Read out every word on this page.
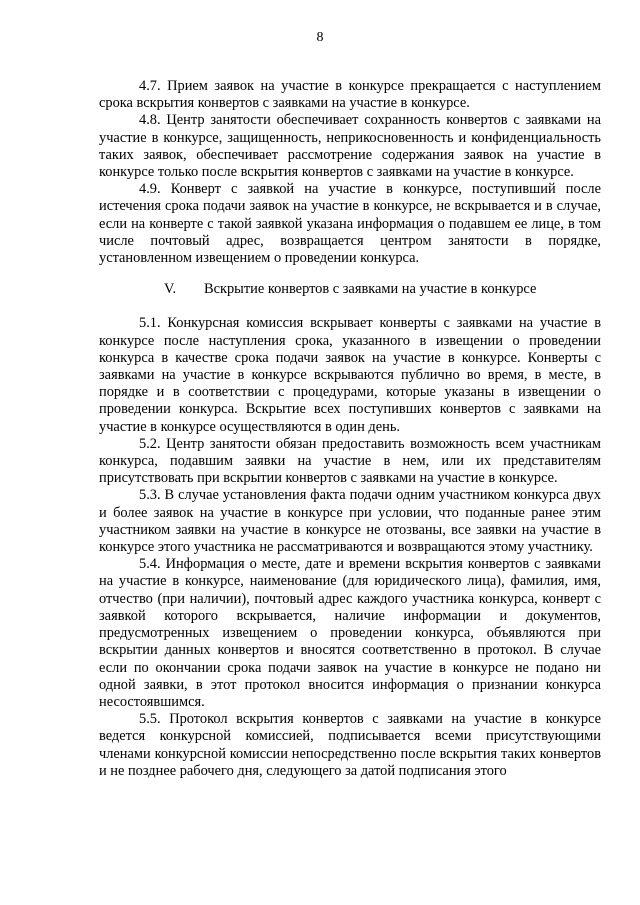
8

4.7. Прием заявок на участие в конкурсе прекращается с наступлением срока вскрытия конвертов с заявками на участие в конкурсе.

4.8. Центр занятости обеспечивает сохранность конвертов с заявками на участие в конкурсе, защищенность, неприкосновенность и конфиденциальность таких заявок, обеспечивает рассмотрение содержания заявок на участие в конкурсе только после вскрытия конвертов с заявками на участие в конкурсе.

4.9. Конверт с заявкой на участие в конкурсе, поступивший после истечения срока подачи заявок на участие в конкурсе, не вскрывается и в случае, если на конверте с такой заявкой указана информация о подавшем ее лице, в том числе почтовый адрес, возвращается центром занятости в порядке, установленном извещением о проведении конкурса.

V. Вскрытие конвертов с заявками на участие в конкурсе

5.1. Конкурсная комиссия вскрывает конверты с заявками на участие в конкурсе после наступления срока, указанного в извещении о проведении конкурса в качестве срока подачи заявок на участие в конкурсе. Конверты с заявками на участие в конкурсе вскрываются публично во время, в месте, в порядке и в соответствии с процедурами, которые указаны в извещении о проведении конкурса. Вскрытие всех поступивших конвертов с заявками на участие в конкурсе осуществляются в один день.

5.2. Центр занятости обязан предоставить возможность всем участникам конкурса, подавшим заявки на участие в нем, или их представителям присутствовать при вскрытии конвертов с заявками на участие в конкурсе.

5.3. В случае установления факта подачи одним участником конкурса двух и более заявок на участие в конкурсе при условии, что поданные ранее этим участником заявки на участие в конкурсе не отозваны, все заявки на участие в конкурсе этого участника не рассматриваются и возвращаются этому участнику.

5.4. Информация о месте, дате и времени вскрытия конвертов с заявками на участие в конкурсе, наименование (для юридического лица), фамилия, имя, отчество (при наличии), почтовый адрес каждого участника конкурса, конверт с заявкой которого вскрывается, наличие информации и документов, предусмотренных извещением о проведении конкурса, объявляются при вскрытии данных конвертов и вносятся соответственно в протокол. В случае если по окончании срока подачи заявок на участие в конкурсе не подано ни одной заявки, в этот протокол вносится информация о признании конкурса несостоявшимся.

5.5. Протокол вскрытия конвертов с заявками на участие в конкурсе ведется конкурсной комиссией, подписывается всеми присутствующими членами конкурсной комиссии непосредственно после вскрытия таких конвертов и не позднее рабочего дня, следующего за датой подписания этого
